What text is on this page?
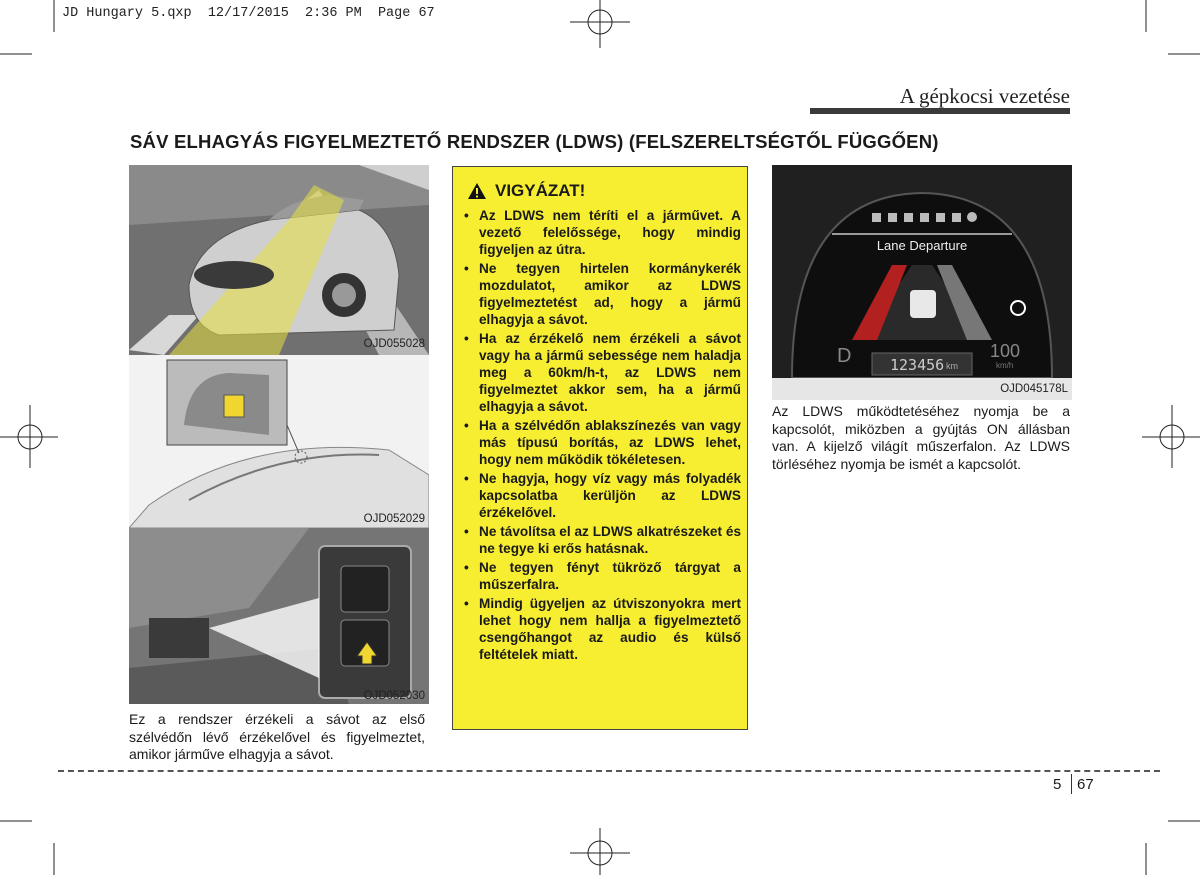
JD Hungary 5.qxp  12/17/2015  2:36 PM  Page 67
A gépkocsi vezetése
SÁV ELHAGYÁS FIGYELMEZTETŐ RENDSZER (LDWS) (FELSZERELTSÉGTŐL FÜGGŐEN)
OJD055028
OJD052029
OJD052030
Ez a rendszer érzékeli a sávot az első szélvédőn lévő érzékelővel és figyelmeztet, amikor járműve elhagyja a sávot.
VIGYÁZAT!
• Az LDWS nem téríti el a járművet. A vezető felelőssége, hogy mindig figyeljen az útra.
• Ne tegyen hirtelen kormánykerék mozdulatot, amikor az LDWS figyelmeztetést ad, hogy a jármű elhagyja a sávot.
• Ha az érzékelő nem érzékeli a sávot vagy ha a jármű sebessége nem haladja meg a 60km/h-t, az LDWS nem figyelmeztet akkor sem, ha a jármű elhagyja a sávot.
• Ha a szélvédőn ablakszínezés van vagy más típusú borítás, az LDWS lehet, hogy nem működik tökéletesen.
• Ne hagyja, hogy víz vagy más folyadék kapcsolatba kerüljön az LDWS érzékelővel.
• Ne távolítsa el az LDWS alkatrészeket és ne tegye ki erős hatásnak.
• Ne tegyen fényt tükröző tárgyat a műszerfalra.
• Mindig ügyeljen az útviszonyokra mert lehet hogy nem hallja a figyelmeztető csengőhangot az audio és külső feltételek miatt.
Lane Departure
D	100
km/h
123456 km
OJD045178L
Az LDWS működtetéséhez nyomja be a kapcsolót, miközben a gyújtás ON állásban van. A kijelző világít műszerfalon. Az LDWS törléséhez nyomja be ismét a kapcsolót.
5 67
